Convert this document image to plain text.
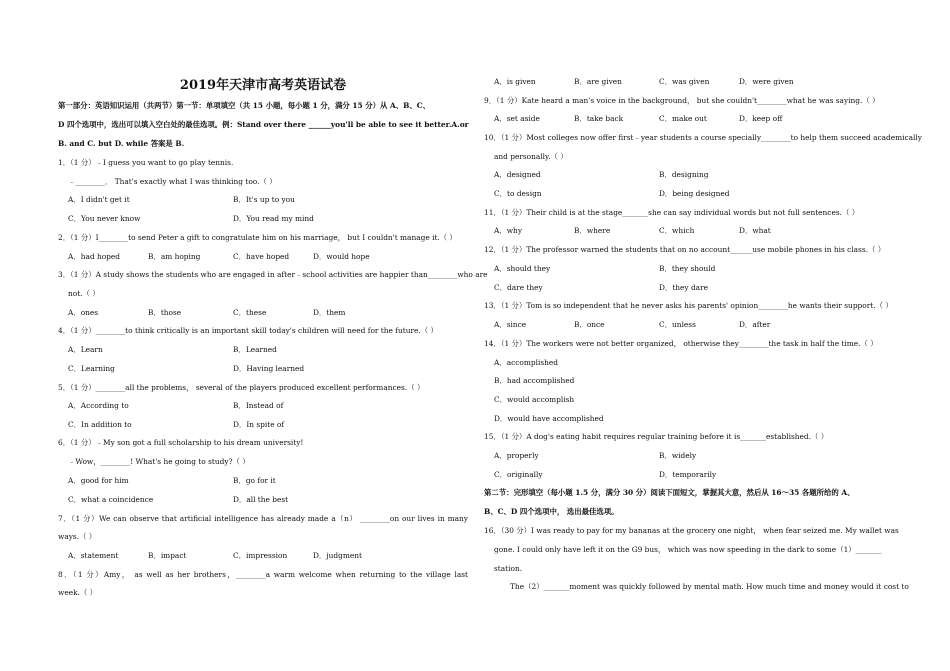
2019年天津市高考英语试卷
第一部分：英语知识运用（共两节）第一节：单项填空（共 15 小题，每小题 1 分，满分 15 分）从 A、B、C、
D 四个选项中，选出可以填入空白处的最佳选项。例：Stand over there ______you'll be able to see it better.A.or
B. and C. but D. while 答案是 B.
1．（1 分）﹣I guess you want to go play tennis.
﹣________． That's exactly what I was thinking too.（ ）
A．I didn't get it	B．It's up to you
C．You never know	D．You read my mind
2．（1 分）I________to send Peter a gift to congratulate him on his marriage， but I couldn't manage it.（ ）
A．had hoped	B．am hoping	C．have hoped	D．would hope
3．（1 分）A study shows the students who are engaged in after﹣school activities are happier than________who are
not.（ ）
A．ones	B．those	C．these	D．them
4．（1 分）________to think critically is an important skill today's children will need for the future.（ ）
A．Learn	B．Learned
C．Learning	D．Having learned
5．（1 分）________all the problems， several of the players produced excellent performances.（ ）
A．According to	B．Instead of
C．In addition to	D．In spite of
6．（1 分）﹣My son got a full scholarship to his dream university!
﹣Wow，________! What's he going to study?（ ）
A．good for him	B．go for it
C．what a coincidence	D．all the best
7．（1 分）We can observe that artificial intelligence has already made a（n） ________on our lives in many
ways.（ ）
A．statement	B．impact	C．impression	D．judgment
8．（1 分）Amy， as well as her brothers，________a warm welcome when returning to the village last
week.（ ）
A．is given	B．are given	C．was given	D．were given
9．（1 分）Kate heard a man's voice in the background， but she couldn't________what he was saying.（ ）
A．set aside	B．take back	C．make out	D．keep off
10．（1 分）Most colleges now offer first﹣year students a course specially________to help them succeed academically
and personally.（ ）
A．designed	B．designing
C．to design	D．being designed
11．（1 分）Their child is at the stage_______she can say individual words but not full sentences.（ ）
A．why	B．where	C．which	D．what
12．（1 分）The professor warned the students that on no account______use mobile phones in his class.（ ）
A．should they	B．they should
C．dare they	D．they dare
13．（1 分）Tom is so independent that he never asks his parents' opinion________he wants their support.（ ）
A．since	B．once	C．unless	D．after
14．（1 分）The workers were not better organized， otherwise they________the task in half the time.（ ）
A．accomplished
B．had accomplished
C．would accomplish
D．would have accomplished
15．（1 分）A dog's eating habit requires regular training before it is_______established.（ ）
A．properly	B．widely
C．originally	D．temporarily
第二节：完形填空（每小题 1.5 分，满分 30 分）阅读下面短文，掌握其大意，然后从 16～35 各题所给的 A、
B、C、D 四个选项中， 选出最佳选项。
16．（30 分）I was ready to pay for my bananas at the grocery one night， when fear seized me. My wallet was
gone. I could only have left it on the G9 bus， which was now speeding in the dark to some（1）_______
station.
The（2）_______moment was quickly followed by mental math. How much time and money would it cost to
